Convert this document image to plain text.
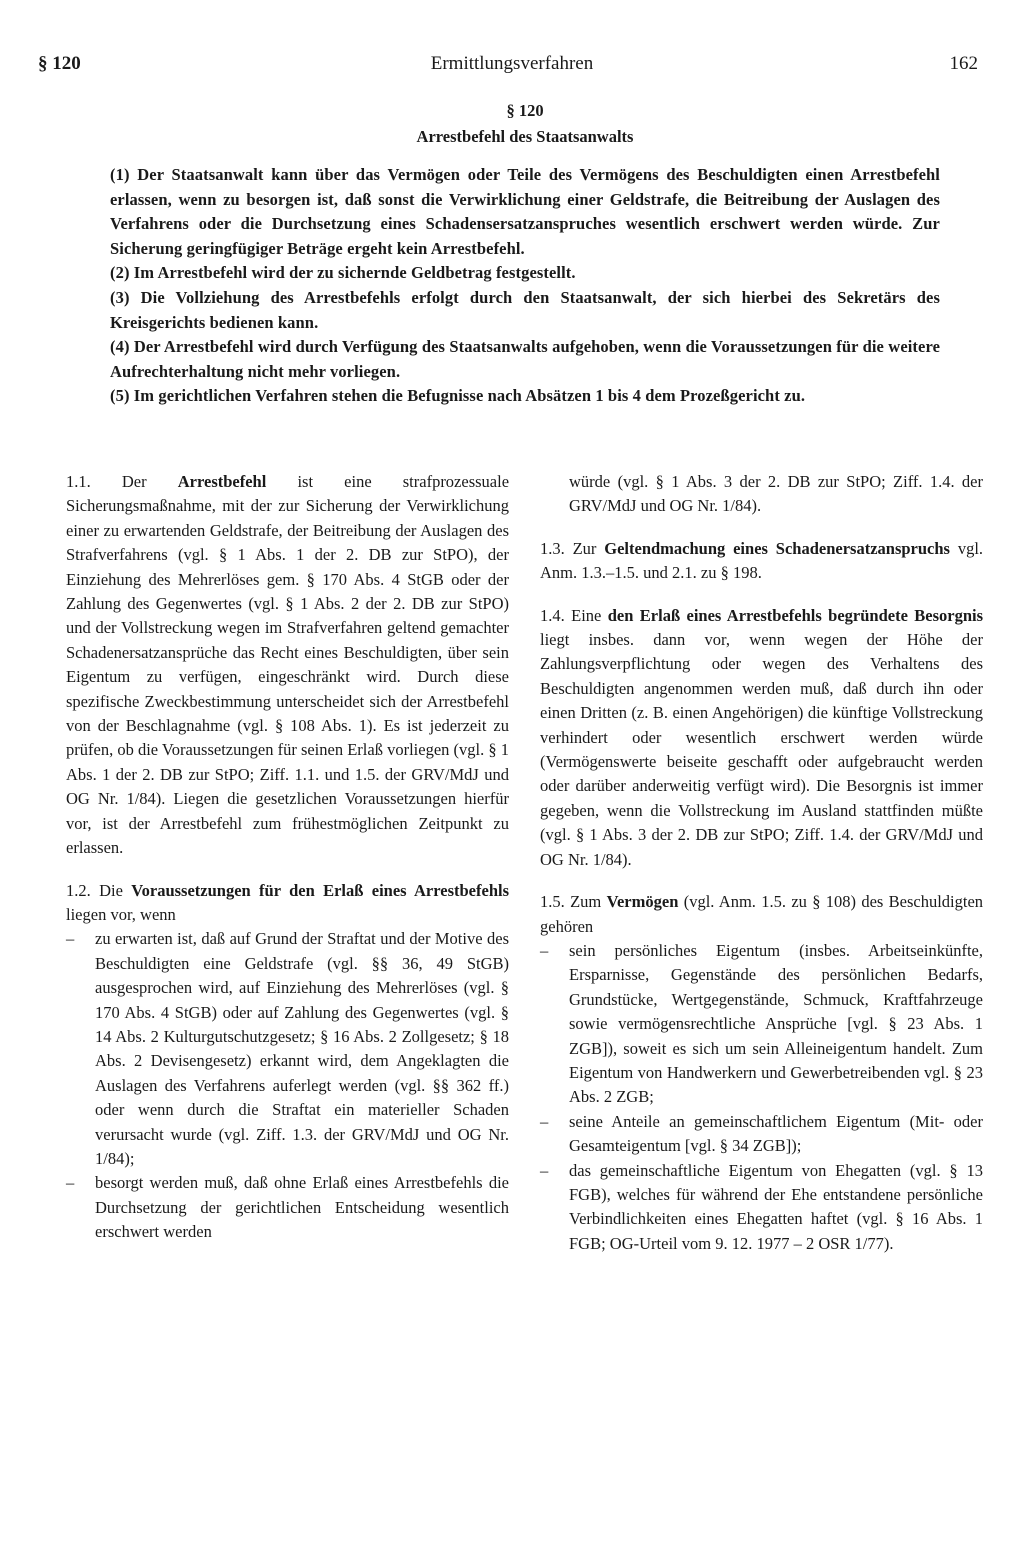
§ 120	Ermittlungsverfahren	162
§ 120
Arrestbefehl des Staatsanwalts

(1) Der Staatsanwalt kann über das Vermögen oder Teile des Vermögens des Beschuldigten einen Arrestbefehl erlassen, wenn zu besorgen ist, daß sonst die Verwirklichung einer Geldstrafe, die Beitreibung der Auslagen des Verfahrens oder die Durchsetzung eines Schadensersatzanspruches wesentlich erschwert werden würde. Zur Sicherung geringfügiger Beträge ergeht kein Arrestbefehl.

(2) Im Arrestbefehl wird der zu sichernde Geldbetrag festgestellt.

(3) Die Vollziehung des Arrestbefehls erfolgt durch den Staatsanwalt, der sich hierbei des Sekretärs des Kreisgerichts bedienen kann.

(4) Der Arrestbefehl wird durch Verfügung des Staatsanwalts aufgehoben, wenn die Voraussetzungen für die weitere Aufrechterhaltung nicht mehr vorliegen.

(5) Im gerichtlichen Verfahren stehen die Befugnisse nach Absätzen 1 bis 4 dem Prozeßgericht zu.

1.1. Der Arrestbefehl ist eine strafprozessuale Sicherungsmaßnahme, mit der zur Sicherung der Verwirklichung einer zu erwartenden Geldstrafe, der Beitreibung der Auslagen des Strafverfahrens (vgl. § 1 Abs. 1 der 2. DB zur StPO), der Einziehung des Mehrerlöses gem. § 170 Abs. 4 StGB oder der Zahlung des Gegenwertes (vgl. § 1 Abs. 2 der 2. DB zur StPO) und der Vollstreckung wegen im Strafverfahren geltend gemachter Schadenersatzansprüche das Recht eines Beschuldigten, über sein Eigentum zu verfügen, eingeschränkt wird. Durch diese spezifische Zweckbestimmung unterscheidet sich der Arrestbefehl von der Beschlagnahme (vgl. § 108 Abs. 1). Es ist jederzeit zu prüfen, ob die Voraussetzungen für seinen Erlaß vorliegen (vgl. § 1 Abs. 1 der 2. DB zur StPO; Ziff. 1.1. und 1.5. der GRV/MdJ und OG Nr. 1/84). Liegen die gesetzlichen Voraussetzungen hierfür vor, ist der Arrestbefehl zum frühestmöglichen Zeitpunkt zu erlassen.

1.2. Die Voraussetzungen für den Erlaß eines Arrestbefehls liegen vor, wenn

– zu erwarten ist, daß auf Grund der Straftat und der Motive des Beschuldigten eine Geldstrafe (vgl. §§ 36, 49 StGB) ausgesprochen wird, auf Einziehung des Mehrerlöses (vgl. § 170 Abs. 4 StGB) oder auf Zahlung des Gegenwertes (vgl. § 14 Abs. 2 Kulturgutschutzgesetz; § 16 Abs. 2 Zollgesetz; § 18 Abs. 2 Devisengesetz) erkannt wird, dem Angeklagten die Auslagen des Verfahrens auferlegt werden (vgl. §§ 362 ff.) oder wenn durch die Straftat ein materieller Schaden verursacht wurde (vgl. Ziff. 1.3. der GRV/MdJ und OG Nr. 1/84);
– besorgt werden muß, daß ohne Erlaß eines Arrestbefehls die Durchsetzung der gerichtlichen Entscheidung wesentlich erschwert werden
würde (vgl. § 1 Abs. 3 der 2. DB zur StPO; Ziff. 1.4. der GRV/MdJ und OG Nr. 1/84).

1.3. Zur Geltendmachung eines Schadenersatzanspruchs vgl. Anm. 1.3.–1.5. und 2.1. zu § 198.

1.4. Eine den Erlaß eines Arrestbefehls begründete Besorgnis liegt insbes. dann vor, wenn wegen der Höhe der Zahlungsverpflichtung oder wegen des Verhaltens des Beschuldigten angenommen werden muß, daß durch ihn oder einen Dritten (z. B. einen Angehörigen) die künftige Vollstreckung verhindert oder wesentlich erschwert werden würde (Vermögenswerte beiseite geschafft oder aufgebraucht werden oder darüber anderweitig verfügt wird). Die Besorgnis ist immer gegeben, wenn die Vollstreckung im Ausland stattfinden müßte (vgl. § 1 Abs. 3 der 2. DB zur StPO; Ziff. 1.4. der GRV/MdJ und OG Nr. 1/84).

1.5. Zum Vermögen (vgl. Anm. 1.5. zu § 108) des Beschuldigten gehören

– sein persönliches Eigentum (insbes. Arbeitseinkünfte, Ersparnisse, Gegenstände des persönlichen Bedarfs, Grundstücke, Wertgegenstände, Schmuck, Kraftfahrzeuge sowie vermögensrechtliche Ansprüche [vgl. § 23 Abs. 1 ZGB]), soweit es sich um sein Alleineigentum handelt. Zum Eigentum von Handwerkern und Gewerbetreibenden vgl. § 23 Abs. 2 ZGB;
– seine Anteile an gemeinschaftlichem Eigentum (Mit- oder Gesamteigentum [vgl. § 34 ZGB]);
– das gemeinschaftliche Eigentum von Ehegatten (vgl. § 13 FGB), welches für während der Ehe entstandene persönliche Verbindlichkeiten eines Ehegatten haftet (vgl. § 16 Abs. 1 FGB; OG-Urteil vom 9. 12. 1977 – 2 OSR 1/77).
